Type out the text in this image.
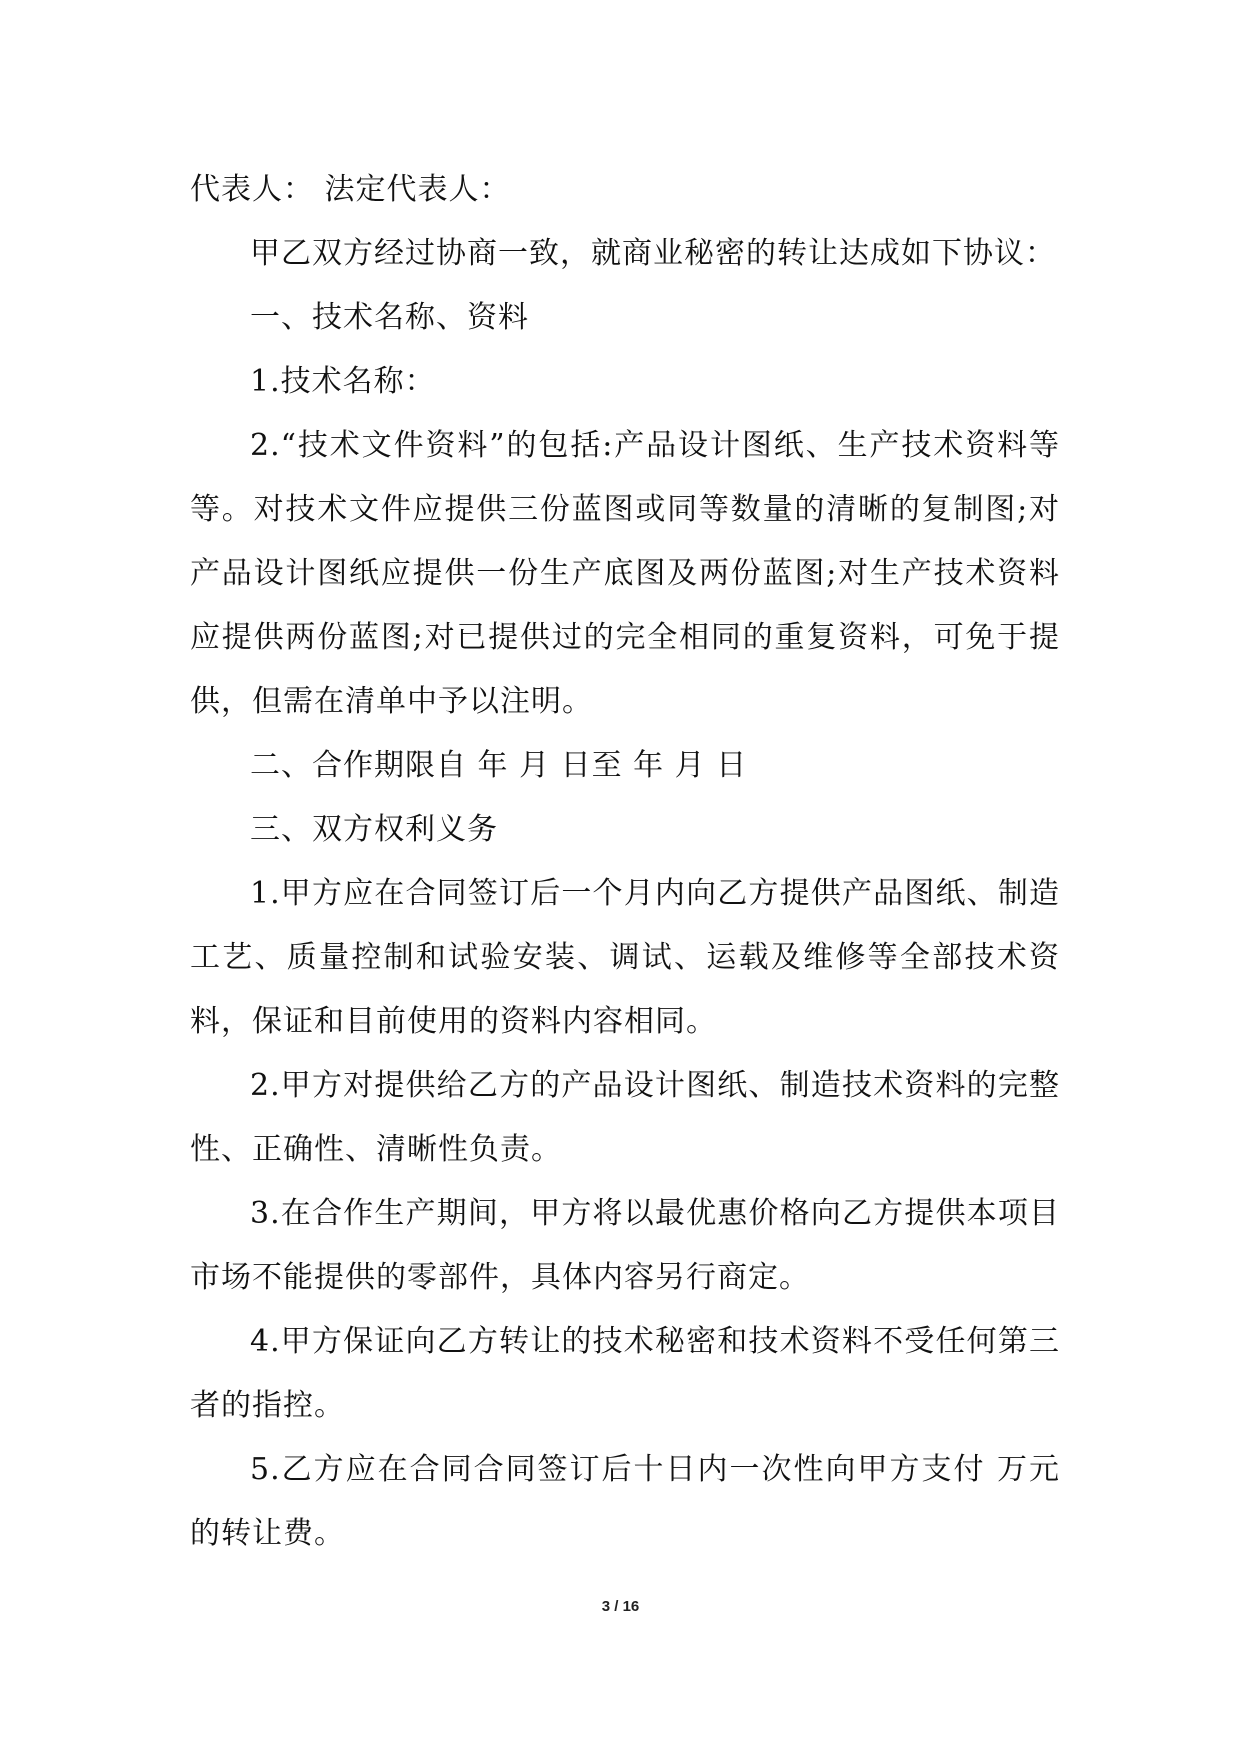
代表人： 法定代表人：

甲乙双方经过协商一致，就商业秘密的转让达成如下协议：

一、技术名称、资料

1.技术名称：

2.“技术文件资料”的包括:产品设计图纸、生产技术资料等等。对技术文件应提供三份蓝图或同等数量的清晰的复制图;对产品设计图纸应提供一份生产底图及两份蓝图;对生产技术资料应提供两份蓝图;对已提供过的完全相同的重复资料，可免于提供，但需在清单中予以注明。

二、合作期限自 年 月 日至 年 月 日

三、双方权利义务

1.甲方应在合同签订后一个月内向乙方提供产品图纸、制造工艺、质量控制和试验安装、调试、运载及维修等全部技术资料，保证和目前使用的资料内容相同。

2.甲方对提供给乙方的产品设计图纸、制造技术资料的完整性、正确性、清晰性负责。

3.在合作生产期间，甲方将以最优惠价格向乙方提供本项目市场不能提供的零部件，具体内容另行商定。

4.甲方保证向乙方转让的技术秘密和技术资料不受任何第三者的指控。

5.乙方应在合同合同签订后十日内一次性向甲方支付 万元的转让费。

3 / 16
